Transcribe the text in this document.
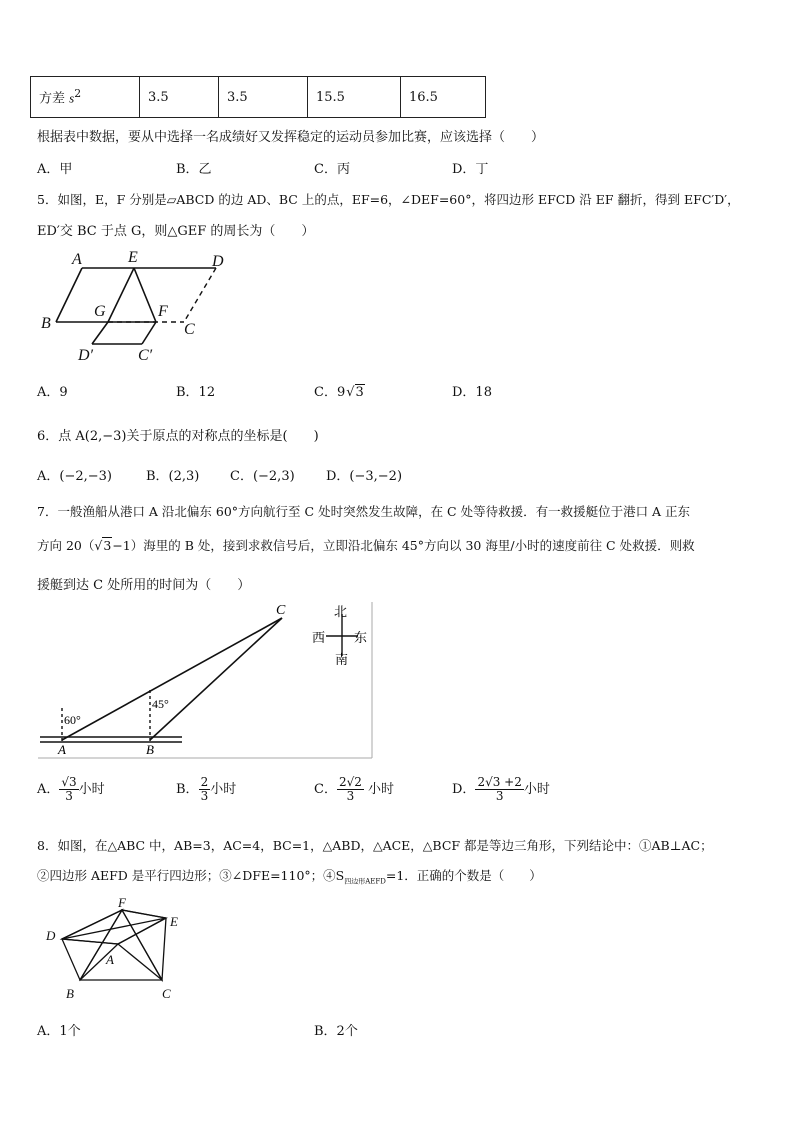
方差 $s^2$	3.5	3.5	15.5	16.5
根据表中数据，要从中选择一名成绩好又发挥稳定的运动员参加比赛，应该选择（　　）
A．甲	B．乙	C．丙	D．丁
5．如图，E，F 分别是▱ABCD 的边 AD、BC 上的点，EF=6，∠DEF=60°，将四边形 EFCD 沿 EF 翻折，得到 EFC′D′，
ED′交 BC 于点 G，则△GEF 的周长为（　　）
A	E	D
B
G	F
C
D′	C′
A．9	B．12	C．9√3	D．18
6．点 A(2,−3)关于原点的对称点的坐标是(　　)
A．(−2,−3)	B．(2,3) C．(−2,3) D．(−3,−2)
7．一般渔船从港口 A 沿北偏东 60°方向航行至 C 处时突然发生故障，在 C 处等待救援．有一救援艇位于港口 A 正东
方向 20（√3−1）海里的 B 处，接到求救信号后，立即沿北偏东 45°方向以 30 海里/小时的速度前往 C 处救援．则救
援艇到达 C 处所用的时间为（　　）
C	北
西 东
南
45°
60°
A	B
A． $\frac{√3}{3}$ 小时	B． $\frac{2}{3}$ 小时	C． $\frac{2√2}{3}$ 小时	D． $\frac{2√3 +2}{3}$ 小时
8．如图，在△ABC 中，AB=3，AC=4，BC=1，△ABD，△ACE，△BCF 都是等边三角形，下列结论中：①AB⊥AC；
②四边形 AEFD 是平行四边形；③∠DFE=110°；$④S_{四边形AEFD}=1$．正确的个数是（　　）
F
E
D
A
B	C
A．1个	B．2个
